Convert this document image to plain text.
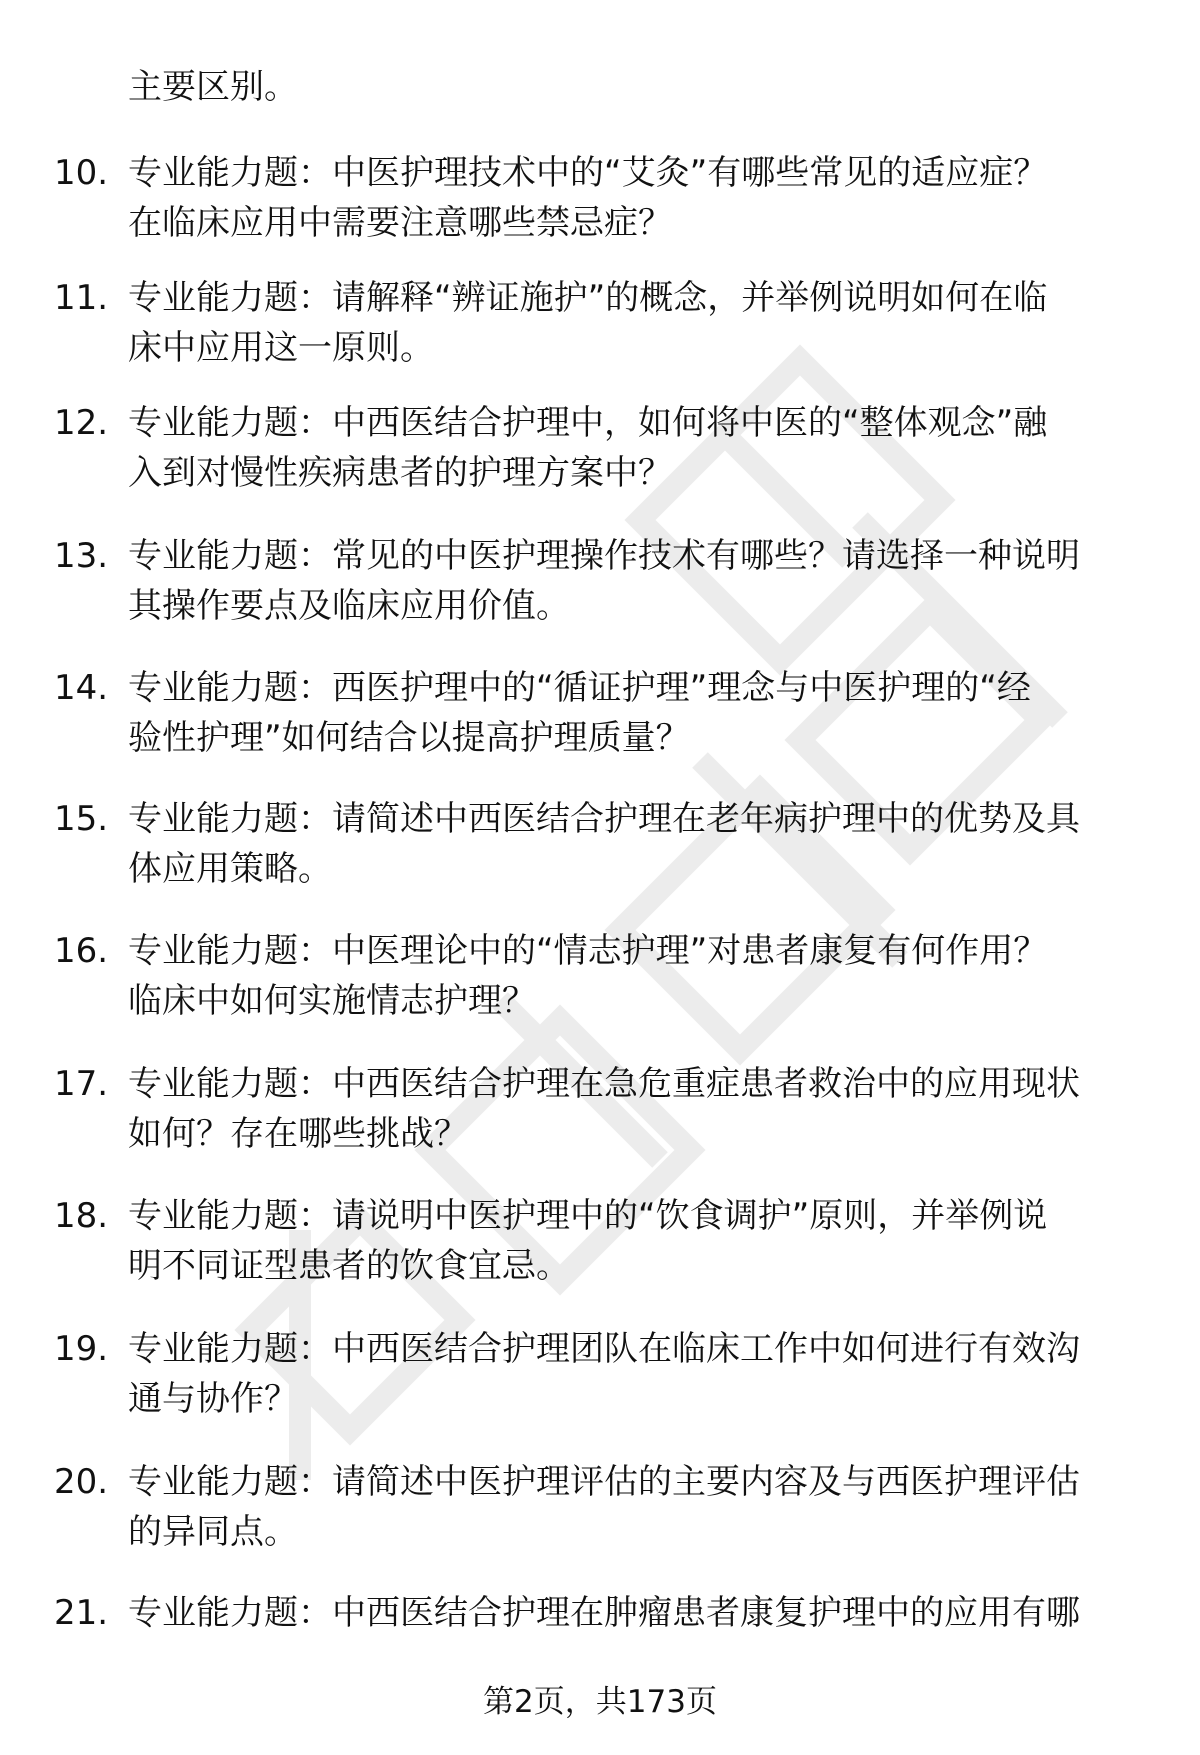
主要区别。
10. 专业能力题：中医护理技术中的“艾灸”有哪些常见的适应症？
在临床应用中需要注意哪些禁忌症？
11. 专业能力题：请解释“辨证施护”的概念，并举例说明如何在临
床中应用这一原则。
12. 专业能力题：中西医结合护理中，如何将中医的“整体观念”融
入到对慢性疾病患者的护理方案中？
13. 专业能力题：常见的中医护理操作技术有哪些？请选择一种说明
其操作要点及临床应用价值。
14. 专业能力题：西医护理中的“循证护理”理念与中医护理的“经
验性护理”如何结合以提高护理质量？
15. 专业能力题：请简述中西医结合护理在老年病护理中的优势及具
体应用策略。
16. 专业能力题：中医理论中的“情志护理”对患者康复有何作用？
临床中如何实施情志护理？
17. 专业能力题：中西医结合护理在急危重症患者救治中的应用现状
如何？存在哪些挑战？
18. 专业能力题：请说明中医护理中的“饮食调护”原则，并举例说
明不同证型患者的饮食宜忌。
19. 专业能力题：中西医结合护理团队在临床工作中如何进行有效沟
通与协作？
20. 专业能力题：请简述中医护理评估的主要内容及与西医护理评估
的异同点。
21. 专业能力题：中西医结合护理在肿瘤患者康复护理中的应用有哪
第2页，共173页
